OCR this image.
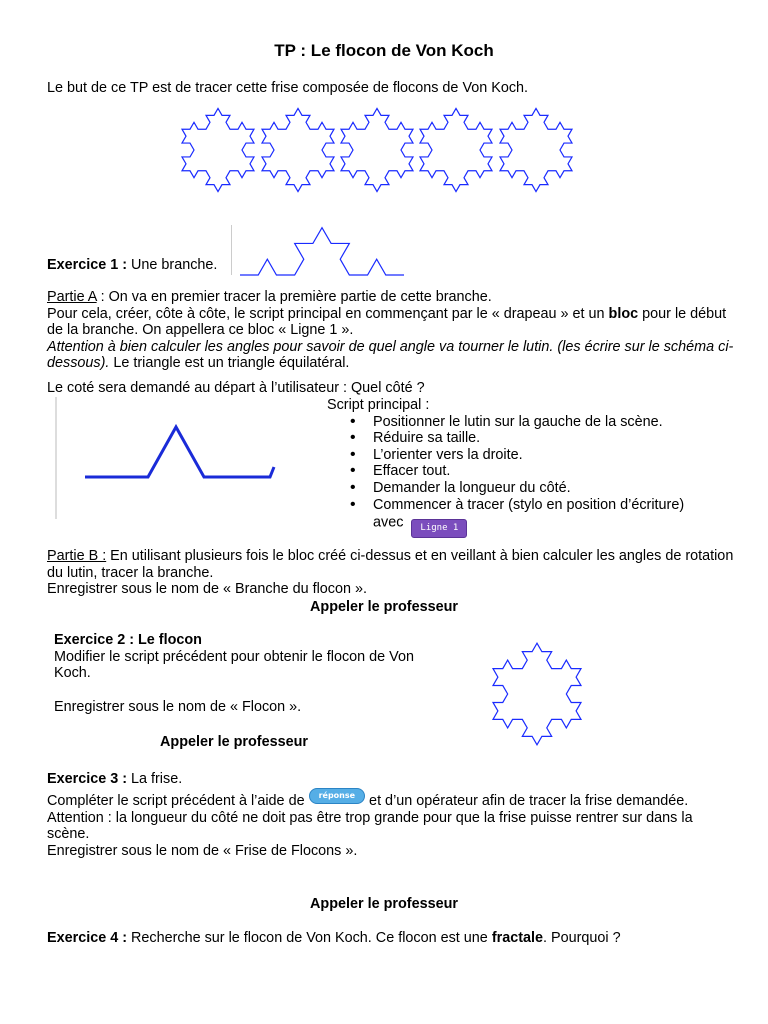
TP : Le flocon de Von Koch
Le but de ce TP est de tracer cette frise composée de flocons de Von Koch.
Exercice 1 : Une branche.
Partie A : On va en premier tracer la première partie de cette branche.
Pour cela, créer, côte à côte, le script principal en commençant par le « drapeau » et un bloc pour le début de la branche. On appellera ce bloc « Ligne 1 ».
Attention à bien calculer les angles pour savoir de quel angle va tourner le lutin. (les écrire sur le schéma ci-dessous). Le triangle est un triangle équilatéral.
Le coté sera demandé au départ à l’utilisateur : Quel côté ?
Script principal :
• Positionner le lutin sur la gauche de la scène.
• Réduire sa taille.
• L’orienter vers la droite.
• Effacer tout.
• Demander la longueur du côté.
• Commencer à tracer (stylo en position d’écriture)
avec Ligne 1
Partie B : En utilisant plusieurs fois le bloc créé ci-dessus et en veillant à bien calculer les angles de rotation du lutin, tracer la branche.
Enregistrer sous le nom de « Branche du flocon ».
Appeler le professeur
Exercice 2 : Le flocon
Modifier le script précédent pour obtenir le flocon de Von Koch.
Enregistrer sous le nom de « Flocon ».
Appeler le professeur
Exercice 3 : La frise.
Compléter le script précédent à l’aide de réponse et d’un opérateur afin de tracer la frise demandée.
Attention : la longueur du côté ne doit pas être trop grande pour que la frise puisse rentrer sur dans la scène.
Enregistrer sous le nom de « Frise de Flocons ».
Appeler le professeur
Exercice 4 : Recherche sur le flocon de Von Koch. Ce flocon est une fractale. Pourquoi ?
